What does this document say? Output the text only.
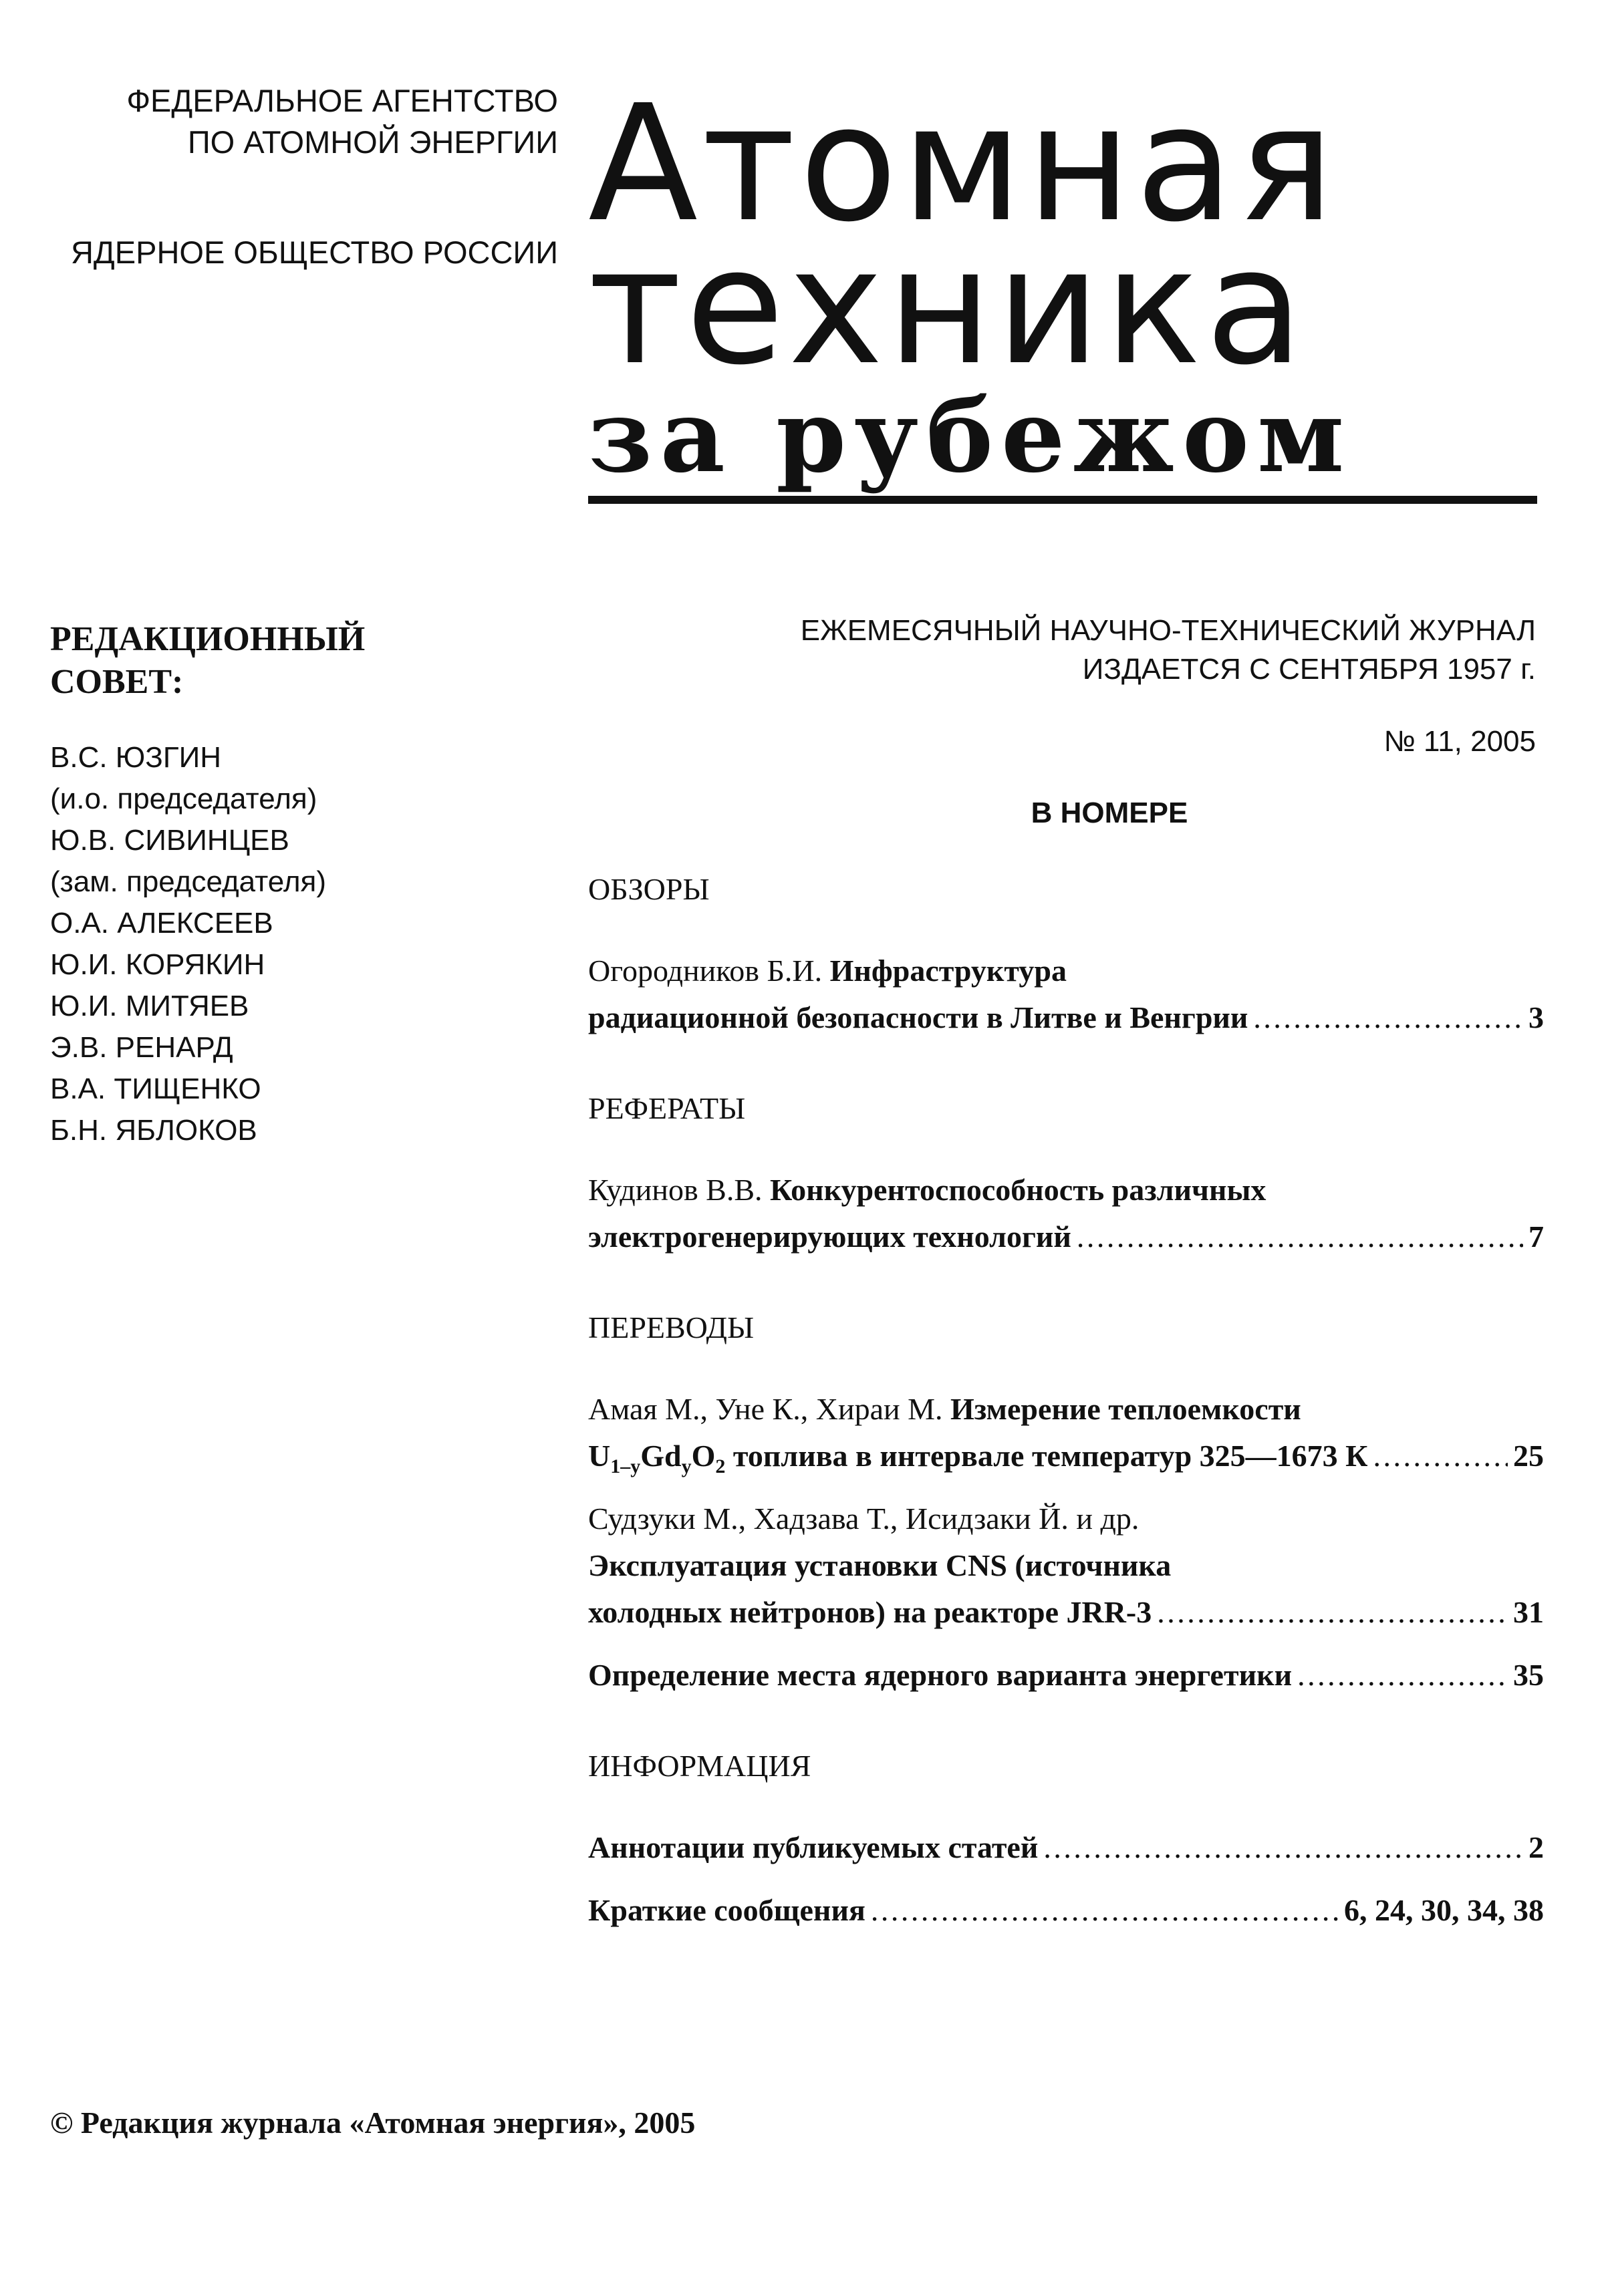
ФЕДЕРАЛЬНОЕ АГЕНТСТВО
ПО АТОМНОЙ ЭНЕРГИИ
ЯДЕРНОЕ ОБЩЕСТВО РОССИИ Атомная
техника
за рубежом
РЕДАКЦИОННЫЙ
СОВЕТ:
В.С. ЮЗГИН
(и.о. председателя)
Ю.В. СИВИНЦЕВ
(зам. председателя)
О.А. АЛЕКСЕЕВ
Ю.И. КОРЯКИН
Ю.И. МИТЯЕВ
Э.В. РЕНАРД
В.А. ТИЩЕНКО
Б.Н. ЯБЛОКОВ
ЕЖЕМЕСЯЧНЫЙ НАУЧНО-ТЕХНИЧЕСКИЙ ЖУРНАЛ
ИЗДАЕТСЯ С СЕНТЯБРЯ 1957 г.
№ 11, 2005
В НОМЕРЕ
ОБЗОРЫ
Огородников Б.И. Инфраструктура
радиационной безопасности в Литве и Венгрии . . .	3
РЕФЕРАТЫ
Кудинов В.В. Конкурентоспособность различных
электрогенерирующих технологий . . .	7
ПЕРЕВОДЫ
Амая М., Уне К., Хираи М. Измерение теплоемкости
$U_{1-y}Gd_yO_2$ топлива в интервале температур 325—1673 К . . .	25
Судзуки М., Хадзава Т., Исидзаки Й. и др.
Эксплуатация установки CNS (источника
холодных нейтронов) на реакторе JRR-3 . . .	31
Определение места ядерного варианта энергетики . . .	35
ИНФОРМАЦИЯ
Аннотации публикуемых статей . . .	2
Краткие сообщения . . .	6, 24, 30, 34, 38
© Редакция журнала «Атомная энергия», 2005
